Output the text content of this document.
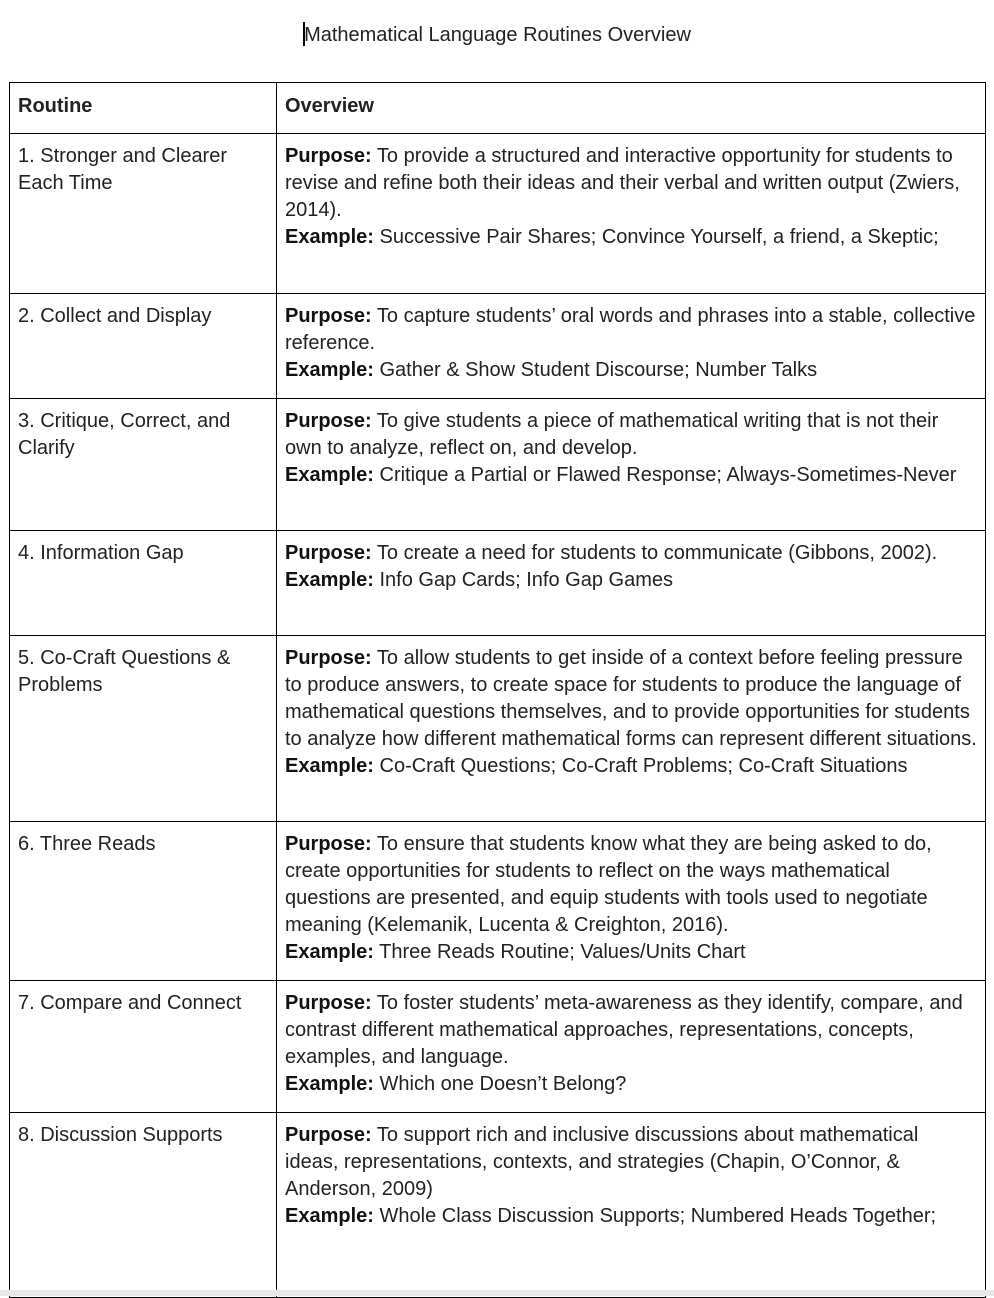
Mathematical Language Routines Overview
Routine	Overview
1. Stronger and Clearer Each Time	Purpose: To provide a structured and interactive opportunity for students to revise and refine both their ideas and their verbal and written output (Zwiers, 2014).
Example: Successive Pair Shares; Convince Yourself, a friend, a Skeptic;

2. Collect and Display	Purpose: To capture students’ oral words and phrases into a stable, collective reference.
Example: Gather & Show Student Discourse; Number Talks

3. Critique, Correct, and Clarify	Purpose: To give students a piece of mathematical writing that is not their own to analyze, reflect on, and develop.
Example: Critique a Partial or Flawed Response; Always-Sometimes-Never

4. Information Gap	Purpose: To create a need for students to communicate (Gibbons, 2002).
Example: Info Gap Cards; Info Gap Games

5. Co-Craft Questions & Problems	Purpose: To allow students to get inside of a context before feeling pressure to produce answers, to create space for students to produce the language of mathematical questions themselves, and to provide opportunities for students to analyze how different mathematical forms can represent different situations.
Example: Co-Craft Questions; Co-Craft Problems; Co-Craft Situations

6. Three Reads	Purpose: To ensure that students know what they are being asked to do, create opportunities for students to reflect on the ways mathematical questions are presented, and equip students with tools used to negotiate meaning (Kelemanik, Lucenta & Creighton, 2016).
Example: Three Reads Routine; Values/Units Chart

7. Compare and Connect	Purpose: To foster students’ meta-awareness as they identify, compare, and contrast different mathematical approaches, representations, concepts, examples, and language.
Example: Which one Doesn’t Belong?

8. Discussion Supports	Purpose: To support rich and inclusive discussions about mathematical ideas, representations, contexts, and strategies (Chapin, O’Connor, & Anderson, 2009)
Example: Whole Class Discussion Supports; Numbered Heads Together;
